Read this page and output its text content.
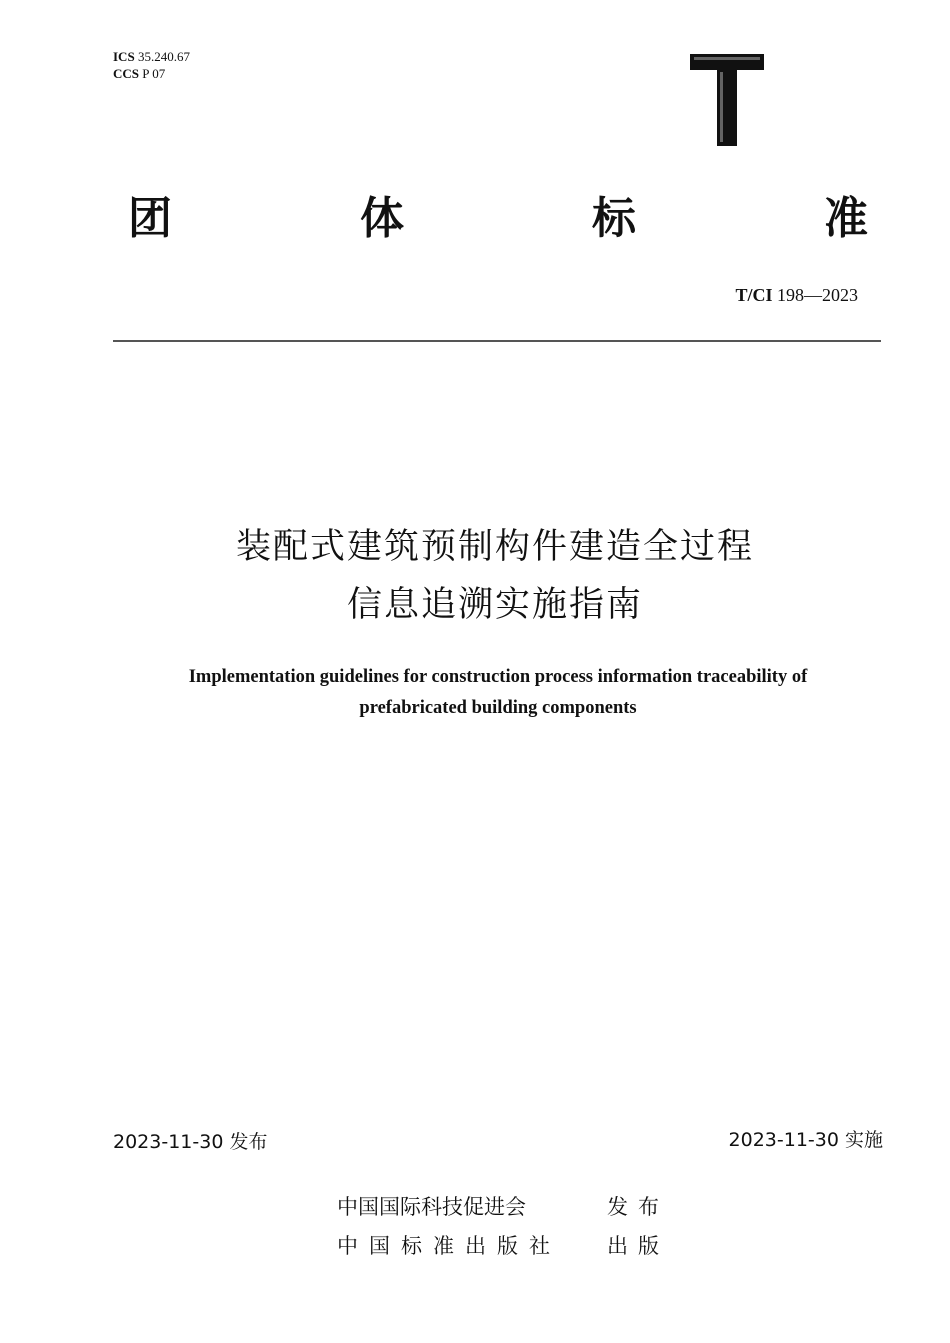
ICS 35.240.67
CCS P 07
团	体	标	准
T/CI 198—2023
装配式建筑预制构件建造全过程
信息追溯实施指南
Implementation guidelines for construction process information traceability of
prefabricated building components
2023-11-30 发布	2023-11-30 实施
中国国际科技促进会	发布
中国标准出版社	出版
